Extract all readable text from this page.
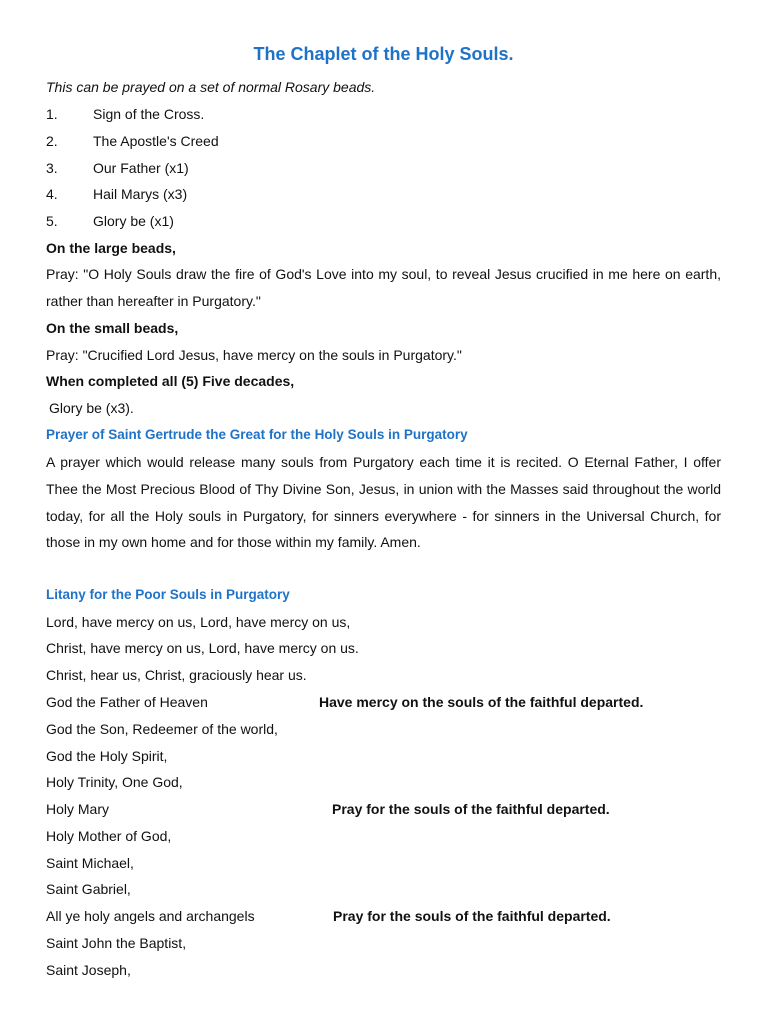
The Chaplet of the Holy Souls.
This can be prayed on a set of normal Rosary beads.
1.	Sign of the Cross.
2.	The Apostle's Creed
3.	Our Father (x1)
4.	Hail Marys (x3)
5.	Glory be (x1)
On the large beads,
Pray: "O Holy Souls draw the fire of God's Love into my soul, to reveal Jesus crucified in me here on earth, rather than hereafter in Purgatory."
On the small beads,
Pray: "Crucified Lord Jesus, have mercy on the souls in Purgatory."
When completed all (5) Five decades,
Glory be (x3).
Prayer of Saint Gertrude the Great for the Holy Souls in Purgatory
A prayer which would release many souls from Purgatory each time it is recited. O Eternal Father, I offer Thee the Most Precious Blood of Thy Divine Son, Jesus, in union with the Masses said throughout the world today, for all the Holy souls in Purgatory, for sinners everywhere - for sinners in the Universal Church, for those in my own home and for those within my family. Amen.
Litany for the Poor Souls in Purgatory
Lord, have mercy on us, Lord, have mercy on us,
Christ, have mercy on us, Lord, have mercy on us.
Christ, hear us, Christ, graciously hear us.
God the Father of Heaven	Have mercy on the souls of the faithful departed.
God the Son, Redeemer of the world,
God the Holy Spirit,
Holy Trinity, One God,
Holy Mary	Pray for the souls of the faithful departed.
Holy Mother of God,
Saint Michael,
Saint Gabriel,
All ye holy angels and archangels	Pray for the souls of the faithful departed.
Saint John the Baptist,
Saint Joseph,
